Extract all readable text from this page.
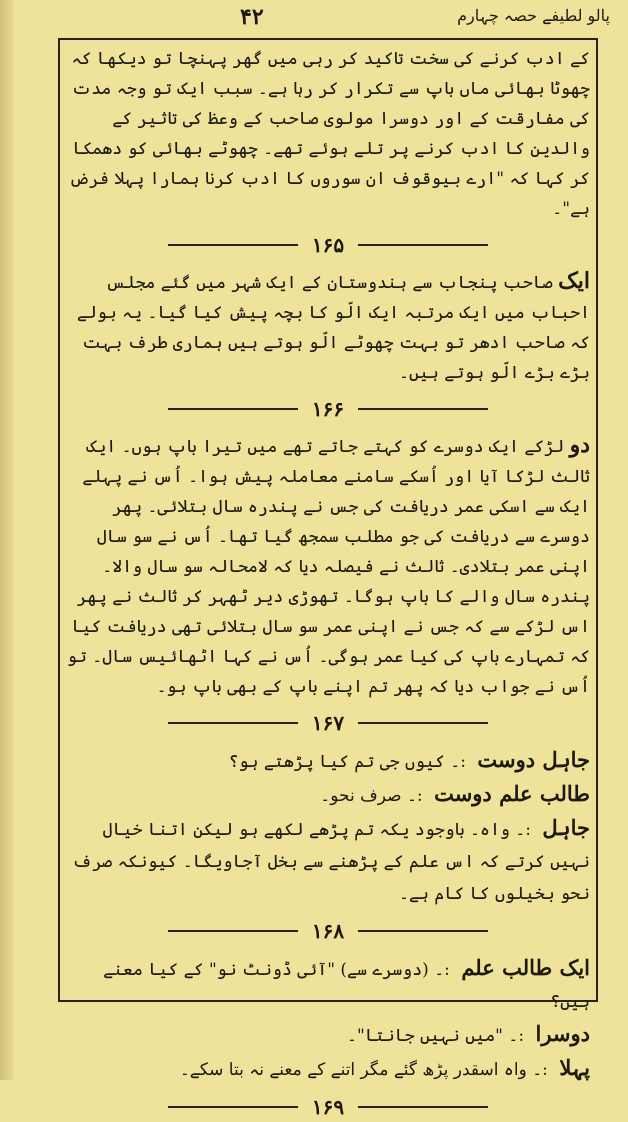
۴۲	پالو لطیفے حصہ چہارم

کے ادب کرنے کی سخت تاکید کر رہی میں گھر پہنچا تو دیکھا کہ چھوٹا بھائی ماں باپ سے تکرار کر رہا ہے۔ سبب ایک تو وجہ مدت کی مفارقت کے اور دوسرا مولوی صاحب کے وعظ کی تاثیر کے والدین کا ادب کرنے پر تلے ہوئے تھے۔ چھوٹے بھائی کو دھمکا کر کہا کہ "ارے بیوقوف ان سوروں کا ادب کرنا ہمارا پہلا فرض ہے"۔

۱۶۵

ایک صاحب پنجاب سے ہندوستان کے ایک شہر میں گئے مجلس احباب میں ایک مرتبہ ایک الّو کا بچہ پیش کیا گیا۔ یہ بولے کہ صاحب ادھر تو بہت چھوٹے الّو ہوتے ہیں ہماری طرف بہت بڑے بڑے الّو ہوتے ہیں۔

۱۶۶

دو لڑکے ایک دوسرے کو کہتے جاتے تھے میں تیرا باپ ہوں۔ ایک ثالث لڑکا آیا اور اُسکے سامنے معاملہ پیش ہوا۔ اُس نے پہلے ایک سے اسکی عمر دریافت کی جس نے پندرہ سال بتلائی۔ پھر دوسرے سے دریافت کی جو مطلب سمجھ گیا تھا۔ اُس نے سو سال اپنی عمر بتلادی۔ ثالث نے فیصلہ دیا کہ لامحالہ سو سال والا۔ پندرہ سال والے کا باپ ہوگا۔ تھوڑی دیر ٹھہر کر ثالث نے پھر اس لڑکے سے کہ جس نے اپنی عمر سو سال بتلائی تھی دریافت کیا کہ تمہارے باپ کی کیا عمر ہوگی۔ اُس نے کہا اٹھائیس سال۔ تو اُس نے جواب دیا کہ پھر تم اپنے باپ کے بھی باپ ہو۔

۱۶۷

جاہل دوست :۔ کیوں جی تم کیا پڑھتے ہو؟

طالب علم دوست :۔ صرف نحو۔

جاہل :۔ واہ۔ باوجود یکہ تم پڑھے لکھے ہو لیکن اتنا خیال نہیں کرتے کہ اس علم کے پڑھنے سے بخل آجاویگا۔ کیونکہ صرف نحو بخیلوں کا کام ہے۔

۱۶۸

ایک طالب علم :۔ (دوسرے سے) "آئی ڈونٹ نو" کے کیا معنے ہیں؟

دوسرا :۔ "میں نہیں جانتا"۔

پہلا :۔ واہ اسقدر پڑھ گئے مگر اتنے کے معنے نہ بتا سکے۔

۱۶۹
